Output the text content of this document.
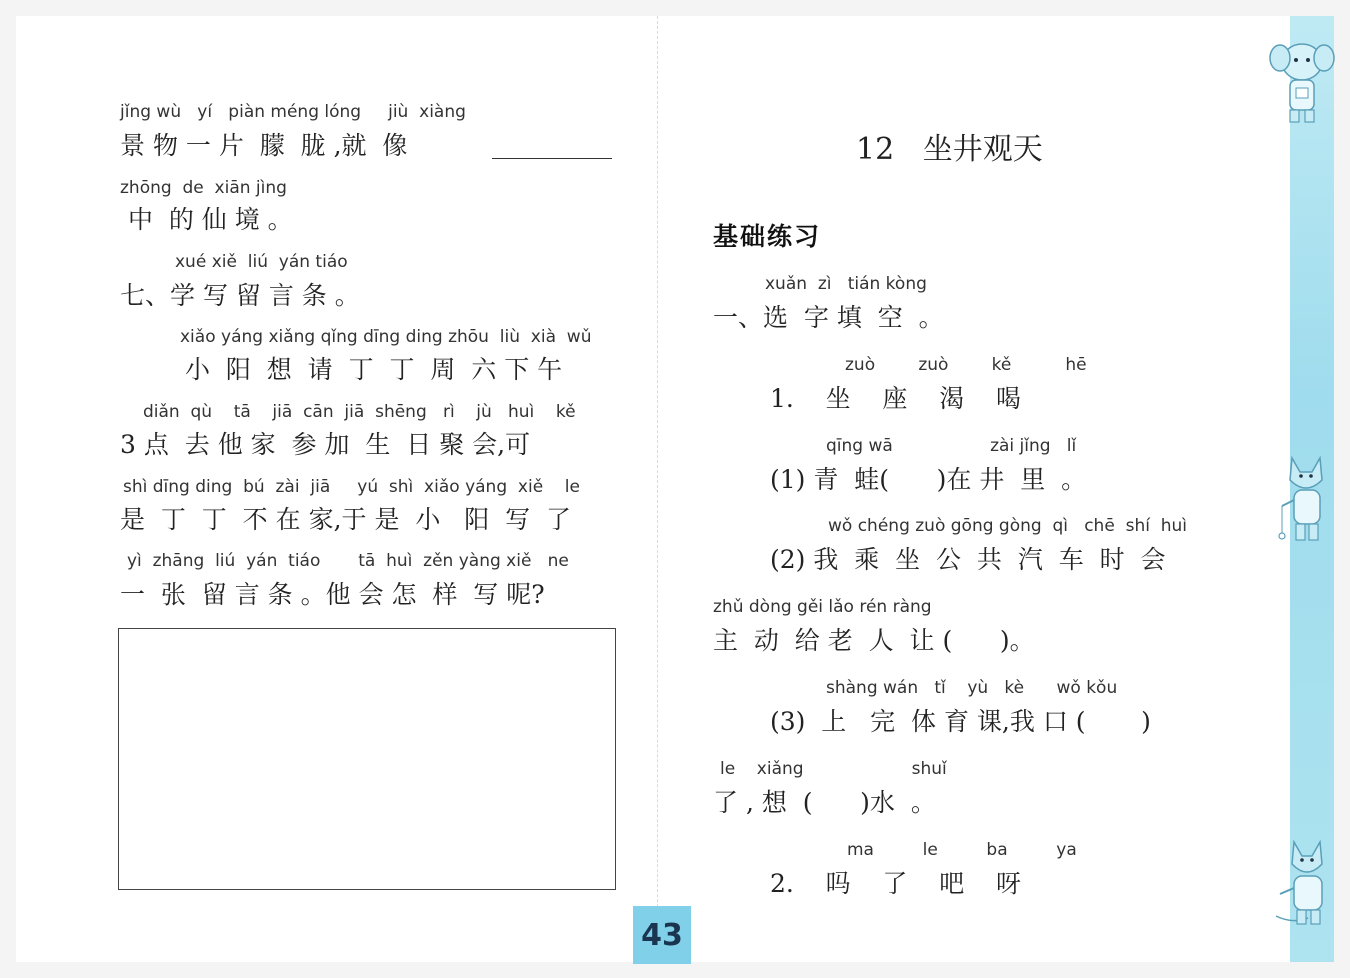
jǐng wù   yí   piàn méng lóng     jiù  xiàng
景 物 一 片  朦  胧 ,就  像
zhōng  de  xiān jìng
中  的 仙 境 。
xué xiě  liú  yán tiáo
七、学 写 留 言 条 。
xiǎo yáng xiǎng qǐng dīng ding zhōu  liù  xià  wǔ
小  阳  想  请  丁  丁  周  六 下 午
diǎn  qù    tā    jiā  cān  jiā  shēng   rì    jù   huì    kě
3 点  去 他 家  参 加  生  日 聚 会,可
shì dīng ding  bú  zài  jiā     yú  shì  xiǎo yáng  xiě    le
是  丁  丁  不 在 家,于 是  小   阳  写  了
yì  zhāng  liú  yán  tiáo       tā  huì  zěn yàng xiě   ne
一  张  留 言 条 。他 会 怎  样  写 呢?
12   坐井观天
基础练习
xuǎn  zì   tián kòng
一、选  字 填  空  。
zuò        zuò        kě          hē
1.    坐    座    渴    喝
qīng wā                  zài jǐng   lǐ
(1) 青  蛙(      )在 井  里  。
wǒ chéng zuò gōng gòng  qì   chē  shí  huì
(2) 我  乘  坐  公  共  汽  车  时  会
zhǔ dòng gěi lǎo rén ràng
主  动  给 老  人  让 (      )。
shàng wán   tǐ    yù   kè      wǒ kǒu
(3)  上   完  体 育 课,我 口 (       )
le    xiǎng                    shuǐ
了 , 想  (      )水  。
ma         le         ba         ya
2.    吗    了    吧    呀
43
